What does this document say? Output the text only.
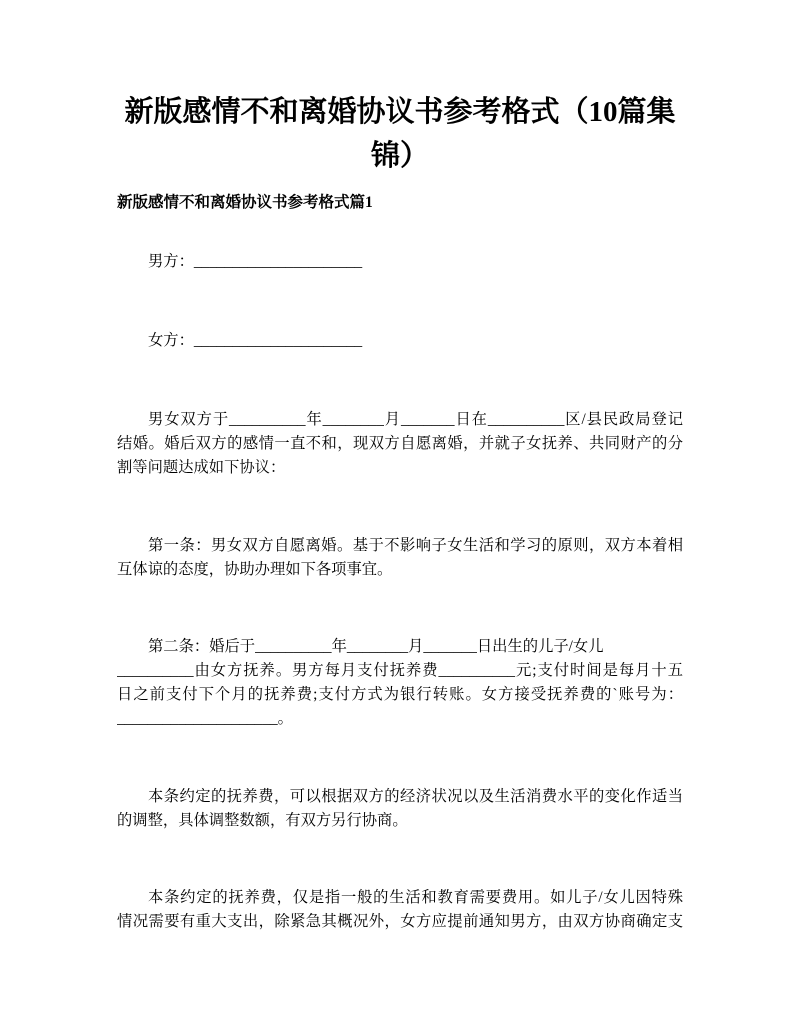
新版感情不和离婚协议书参考格式（10篇集锦）
新版感情不和离婚协议书参考格式篇1
男方：______________________
女方：______________________
男女双方于__________年________月_______日在__________区/县民政局登记
结婚。婚后双方的感情一直不和，现双方自愿离婚，并就子女抚养、共同财产的分
割等问题达成如下协议：
第一条：男女双方自愿离婚。基于不影响子女生活和学习的原则，双方本着相
互体谅的态度，协助办理如下各项事宜。
第二条：婚后于__________年________月_______日出生的儿子/女儿
__________由女方抚养。男方每月支付抚养费__________元;支付时间是每月十五
日之前支付下个月的抚养费;支付方式为银行转账。女方接受抚养费的`账号为：
_____________________。
本条约定的抚养费，可以根据双方的经济状况以及生活消费水平的变化作适当
的调整，具体调整数额，有双方另行协商。
本条约定的抚养费，仅是指一般的生活和教育需要费用。如儿子/女儿因特殊
情况需要有重大支出，除紧急其概况外，女方应提前通知男方，由双方协商确定支
